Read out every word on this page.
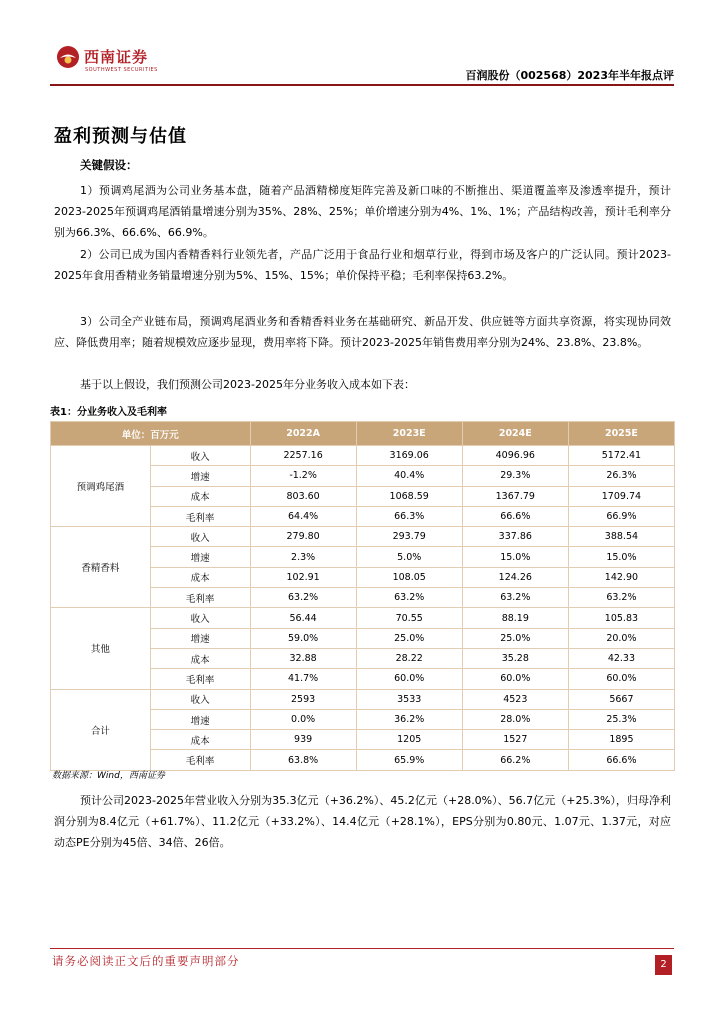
西南证券
SOUTHWEST SECURITIES	百润股份（002568）2023年半年报点评
盈利预测与估值
关键假设：
1）预调鸡尾酒为公司业务基本盘，随着产品酒精梯度矩阵完善及新口味的不断推出、渠道覆盖率及渗透率提升，预计2023-2025年预调鸡尾酒销量增速分别为35%、28%、25%；单价增速分别为4%、1%、1%；产品结构改善，预计毛利率分别为66.3%、66.6%、66.9%。
2）公司已成为国内香精香料行业领先者，产品广泛用于食品行业和烟草行业，得到市场及客户的广泛认同。预计2023-2025年食用香精业务销量增速分别为5%、15%、15%；单价保持平稳；毛利率保持63.2%。
3）公司全产业链布局，预调鸡尾酒业务和香精香料业务在基础研究、新品开发、供应链等方面共享资源，将实现协同效应、降低费用率；随着规模效应逐步显现，费用率将下降。预计2023-2025年销售费用率分别为24%、23.8%、23.8%。
基于以上假设，我们预测公司2023-2025年分业务收入成本如下表：
表1：分业务收入及毛利率
单位：百万元		2022A	2023E	2024E	2025E
预调鸡尾酒	收入	2257.16	3169.06	4096.96	5172.41
	增速	-1.2%	40.4%	29.3%	26.3%
	成本	803.60	1068.59	1367.79	1709.74
	毛利率	64.4%	66.3%	66.6%	66.9%
香精香料	收入	279.80	293.79	337.86	388.54
	增速	2.3%	5.0%	15.0%	15.0%
	成本	102.91	108.05	124.26	142.90
	毛利率	63.2%	63.2%	63.2%	63.2%
其他	收入	56.44	70.55	88.19	105.83
	增速	59.0%	25.0%	25.0%	20.0%
	成本	32.88	28.22	35.28	42.33
	毛利率	41.7%	60.0%	60.0%	60.0%
合计	收入	2593	3533	4523	5667
	增速	0.0%	36.2%	28.0%	25.3%
	成本	939	1205	1527	1895
	毛利率	63.8%	65.9%	66.2%	66.6%
数据来源：Wind，西南证券
预计公司2023-2025年营业收入分别为35.3亿元（+36.2%）、45.2亿元（+28.0%）、56.7亿元（+25.3%），归母净利润分别为8.4亿元（+61.7%）、11.2亿元（+33.2%）、14.4亿元（+28.1%），EPS分别为0.80元、1.07元、1.37元，对应动态PE分别为45倍、34倍、26倍。
请务必阅读正文后的重要声明部分	2
